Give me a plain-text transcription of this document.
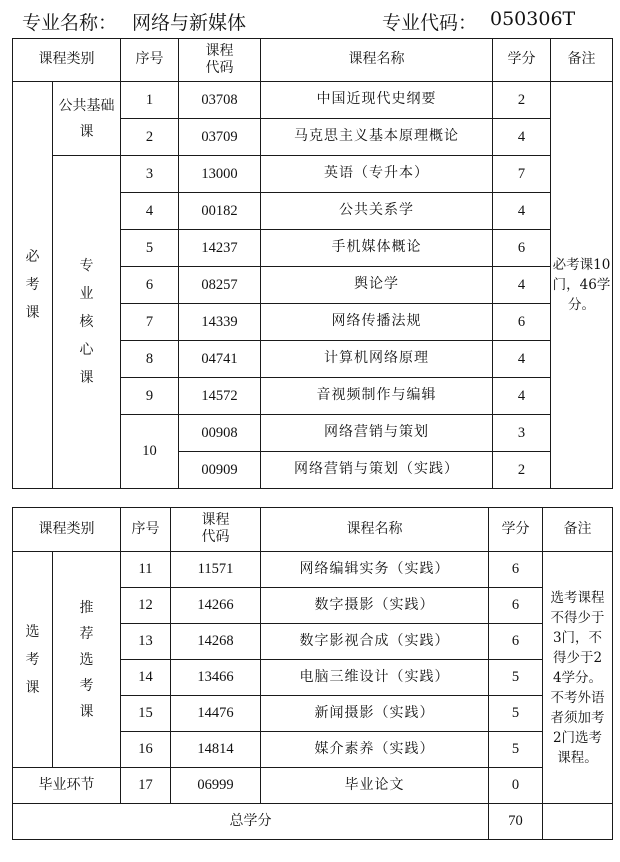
专业名称： 网络与新媒体	专业代码： 050306T
课程类别		序号	课程代码	课程名称	学分	备注
必考课	公共基础课	1	03708	中国近现代史纲要	2	必考课10门，46学分。
		2	03709	马克思主义基本原理概论	4	
	专业核心课	3	13000	英语（专升本）	7	
		4	00182	公共关系学	4	
		5	14237	手机媒体概论	6	
		6	08257	舆论学	4	
		7	14339	网络传播法规	6	
		8	04741	计算机网络原理	4	
		9	14572	音视频制作与编辑	4	
		10	00908	网络营销与策划	3	
			00909	网络营销与策划（实践）	2	
课程类别		序号	课程代码	课程名称	学分	备注
选考课	推荐选考课	11	11571	网络编辑实务（实践）	6	选考课程不得少于3门，不得少于24学分。不考外语者须加考2门选考课程。
		12	14266	数字摄影（实践）	6	
		13	14268	数字影视合成（实践）	6	
		14	13466	电脑三维设计（实践）	5	
		15	14476	新闻摄影（实践）	5	
		16	14814	媒介素养（实践）	5	
毕业环节		17	06999	毕业论文	0	
总学分					70	
